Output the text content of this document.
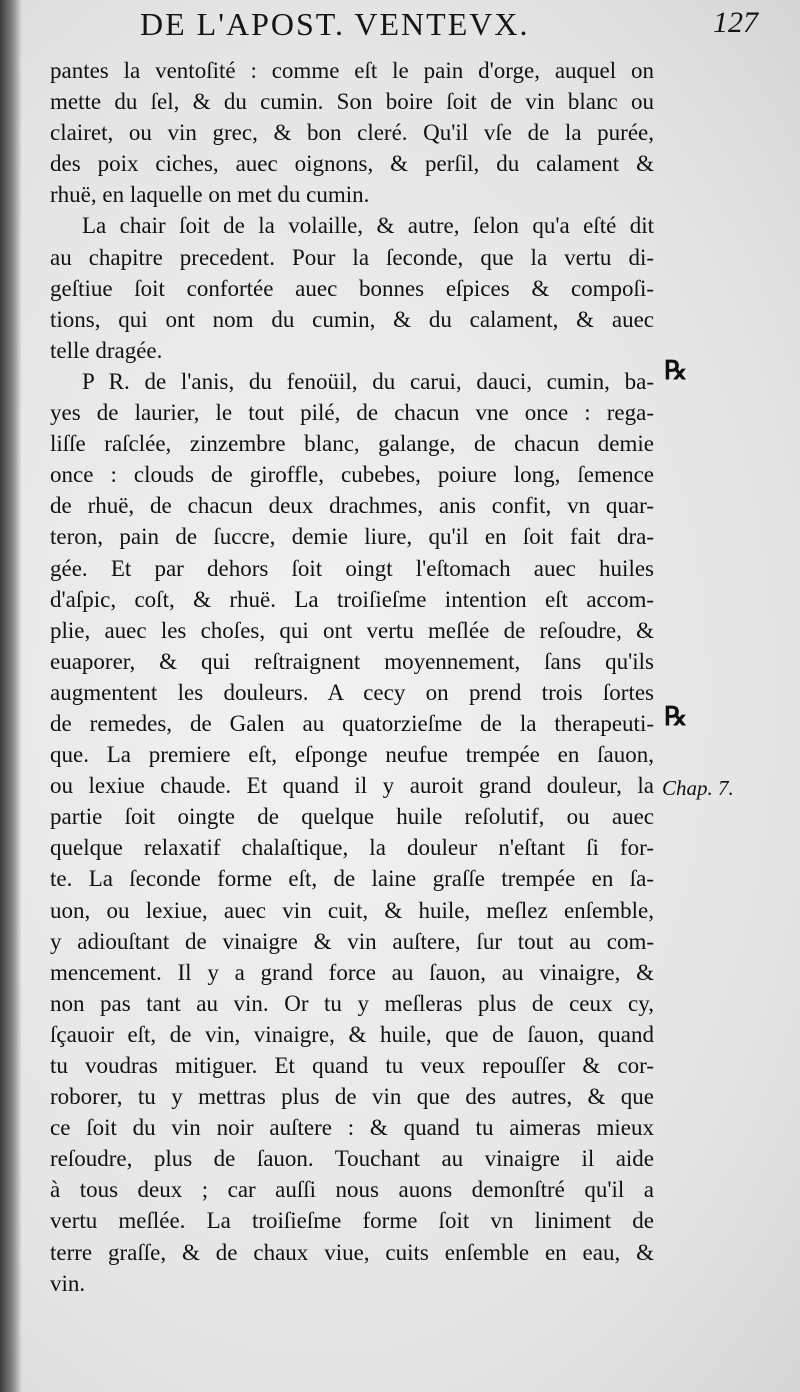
DE L'APOST. VENTEVX.	127
pantes la ventoſité : comme eſt le pain d'orge, auquel on
mette du ſel, & du cumin. Son boire ſoit de vin blanc ou
clairet, ou vin grec, & bon cleré. Qu'il vſe de la purée,
des poix ciches, auec oignons, & perſil, du calament &
rhuë, en laquelle on met du cumin.
La chair ſoit de la volaille, & autre, ſelon qu'a eſté dit
au chapitre precedent. Pour la ſeconde, que la vertu di-
geſtiue ſoit confortée auec bonnes eſpices & compoſi-
tions, qui ont nom du cumin, & du calament, & auec
telle dragée.
P R. de l'anis, du fenoüil, du carui, dauci, cumin, ba-
yes de laurier, le tout pilé, de chacun vne once : rega-
liſſe raſclée, zinzembre blanc, galange, de chacun demie
once : clouds de giroffle, cubebes, poiure long, ſemence
de rhuë, de chacun deux drachmes, anis confit, vn quar-
teron, pain de ſuccre, demie liure, qu'il en ſoit fait dra-
gée. Et par dehors ſoit oingt l'eſtomach auec huiles
d'aſpic, coſt, & rhuë. La troiſieſme intention eſt accom-
plie, auec les choſes, qui ont vertu meſlée de reſoudre, &
euaporer, & qui reſtraignent moyennement, ſans qu'ils
augmentent les douleurs. A cecy on prend trois ſortes
de remedes, de Galen au quatorzieſme de la therapeuti-
que. La premiere eſt, eſponge neufue trempée en ſauon,
ou lexiue chaude. Et quand il y auroit grand douleur, la
partie ſoit oingte de quelque huile reſolutif, ou auec
quelque relaxatif chalaſtique, la douleur n'eſtant ſi for-
te. La ſeconde forme eſt, de laine graſſe trempée en ſa-
uon, ou lexiue, auec vin cuit, & huile, meſlez enſemble,
y adiouſtant de vinaigre & vin auſtere, ſur tout au com-
mencement. Il y a grand force au ſauon, au vinaigre, &
non pas tant au vin. Or tu y meſleras plus de ceux cy,
ſçauoir eſt, de vin, vinaigre, & huile, que de ſauon, quand
tu voudras mitiguer. Et quand tu veux repouſſer & cor-
roborer, tu y mettras plus de vin que des autres, & que
ce ſoit du vin noir auſtere : & quand tu aimeras mieux
reſoudre, plus de ſauon. Touchant au vinaigre il aide
à tous deux ; car auſſi nous auons demonſtré qu'il a
vertu meſlée. La troiſieſme forme ſoit vn liniment de
terre graſſe, & de chaux viue, cuits enſemble en eau, &
vin.
℞
℞
Chap. 7.
